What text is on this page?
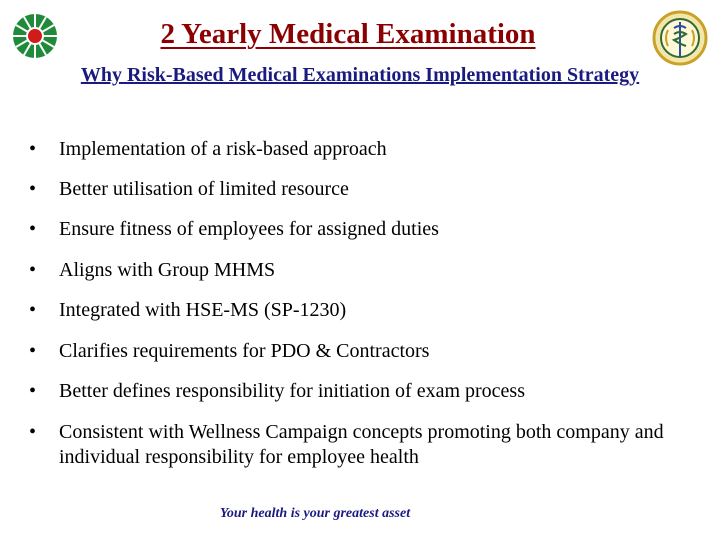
2 Yearly Medical Examination
Why Risk-Based Medical Examinations Implementation Strategy
• Implementation of a risk-based approach
• Better utilisation of limited resource
• Ensure fitness of employees for assigned duties
• Aligns with Group MHMS
• Integrated with HSE-MS (SP-1230)
• Clarifies requirements for PDO & Contractors
• Better defines responsibility for initiation of exam process
• Consistent with Wellness Campaign concepts promoting both company and individual responsibility for employee health
Your health is your greatest asset
